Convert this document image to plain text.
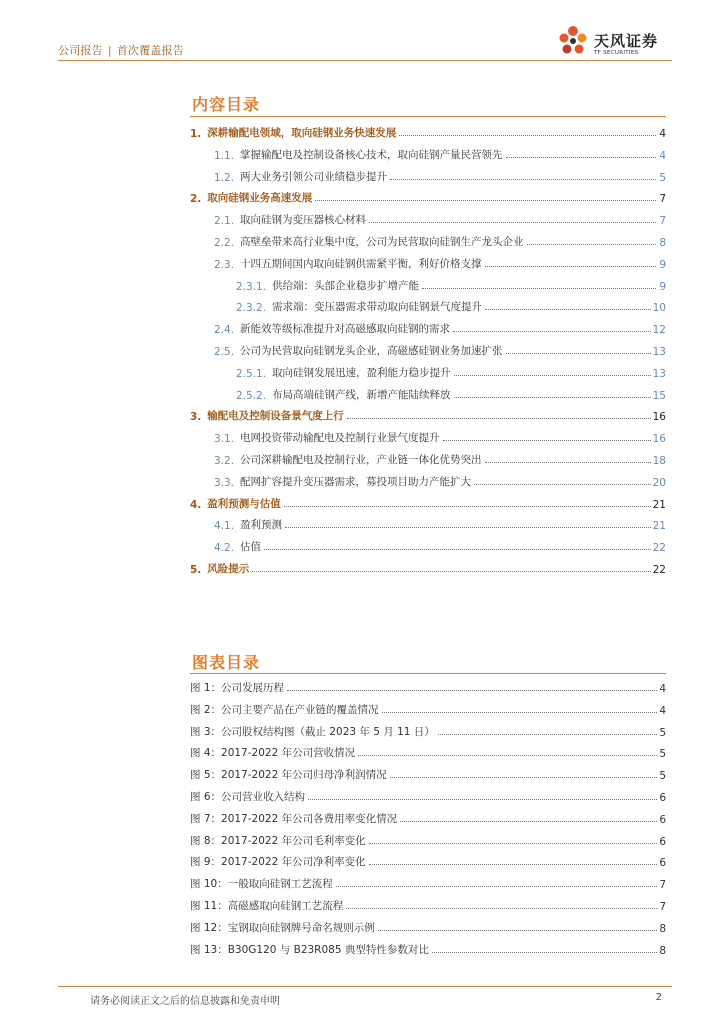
公司报告 | 首次覆盖报告
天风证券
TF SECURITIES
内容目录
1. 深耕输配电领域，取向硅钢业务快速发展	4
1.1. 掌握输配电及控制设备核心技术，取向硅钢产量民营领先	4
1.2. 两大业务引领公司业绩稳步提升	5
2. 取向硅钢业务高速发展	7
2.1. 取向硅钢为变压器核心材料	7
2.2. 高壁垒带来高行业集中度，公司为民营取向硅钢生产龙头企业	8
2.3. 十四五期间国内取向硅钢供需紧平衡，利好价格支撑	9
2.3.1. 供给端：头部企业稳步扩增产能	9
2.3.2. 需求端：变压器需求带动取向硅钢景气度提升	10
2.4. 新能效等级标准提升对高磁感取向硅钢的需求	12
2.5. 公司为民营取向硅钢龙头企业，高磁感硅钢业务加速扩张	13
2.5.1. 取向硅钢发展迅速，盈利能力稳步提升	13
2.5.2. 布局高端硅钢产线，新增产能陆续释放	15
3. 输配电及控制设备景气度上行	16
3.1. 电网投资带动输配电及控制行业景气度提升	16
3.2. 公司深耕输配电及控制行业，产业链一体化优势突出	18
3.3. 配网扩容提升变压器需求，募投项目助力产能扩大	20
4. 盈利预测与估值	21
4.1. 盈利预测	21
4.2. 估值	22
5. 风险提示	22
图表目录
图 1：公司发展历程	4
图 2：公司主要产品在产业链的覆盖情况	4
图 3：公司股权结构图（截止 2023 年 5 月 11 日）	5
图 4：2017-2022 年公司营收情况	5
图 5：2017-2022 年公司归母净利润情况	5
图 6：公司营业收入结构	6
图 7：2017-2022 年公司各费用率变化情况	6
图 8：2017-2022 年公司毛利率变化	6
图 9：2017-2022 年公司净利率变化	6
图 10：一般取向硅钢工艺流程	7
图 11：高磁感取向硅钢工艺流程	7
图 12：宝钢取向硅钢牌号命名规则示例	8
图 13：B30G120 与 B23R085 典型特性参数对比	8
请务必阅读正文之后的信息披露和免责申明	2
